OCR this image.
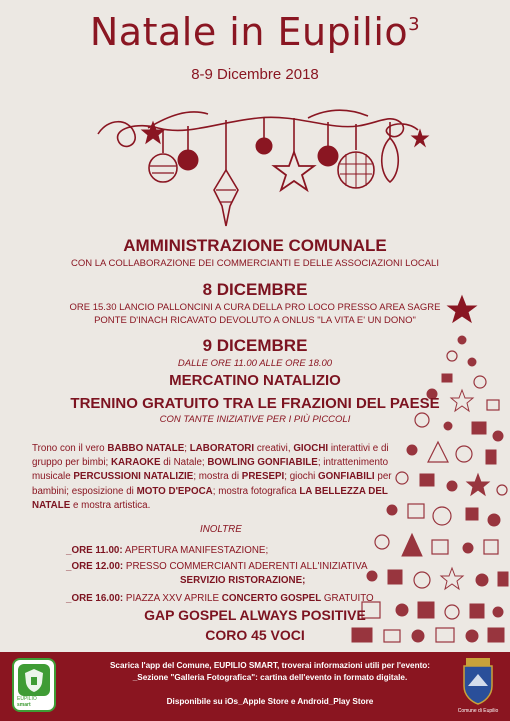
Natale in Eupilio$^3$
8-9 Dicembre 2018
AMMINISTRAZIONE COMUNALE
CON LA COLLABORAZIONE DEI COMMERCIANTI E DELLE ASSOCIAZIONI LOCALI
8 DICEMBRE
ORE 15.30 LANCIO PALLONCINI A CURA DELLA PRO LOCO PRESSO AREA SAGRE
PONTE D'INACH RICAVATO DEVOLUTO A ONLUS "LA VITA E' UN DONO"
9 DICEMBRE
DALLE ORE 11.00 ALLE ORE 18.00
MERCATINO NATALIZIO
TRENINO GRATUITO TRA LE FRAZIONI DEL PAESE
CON TANTE INIZIATIVE PER I PIÙ PICCOLI
Trono con il vero BABBO NATALE; LABORATORI creativi, GIOCHI interattivi e di gruppo per bimbi; KARAOKE di Natale; BOWLING GONFIABILE; intrattenimento musicale PERCUSSIONI NATALIZIE; mostra di PRESEPI; giochi GONFIABILI per bambini; esposizione di MOTO D'EPOCA; mostra fotografica LA BELLEZZA DEL NATALE e mostra artistica.
INOLTRE
_ORE 11.00: APERTURA MANIFESTAZIONE;
_ORE 12.00: PRESSO COMMERCIANTI ADERENTI ALL'INIZIATIVA
SERVIZIO RISTORAZIONE;
_ORE 16.00: PIAZZA XXV APRILE CONCERTO GOSPEL GRATUITO
GAP GOSPEL ALWAYS POSITIVE
CORO 45 VOCI
EUPILIO
smart
Scarica l'app del Comune, EUPILIO SMART, troverai informazioni utili per l'evento:
_Sezione "Galleria Fotografica": cartina dell'evento in formato digitale.
Disponibile su iOs_Apple Store e Android_Play Store
Comune di Eupilio
